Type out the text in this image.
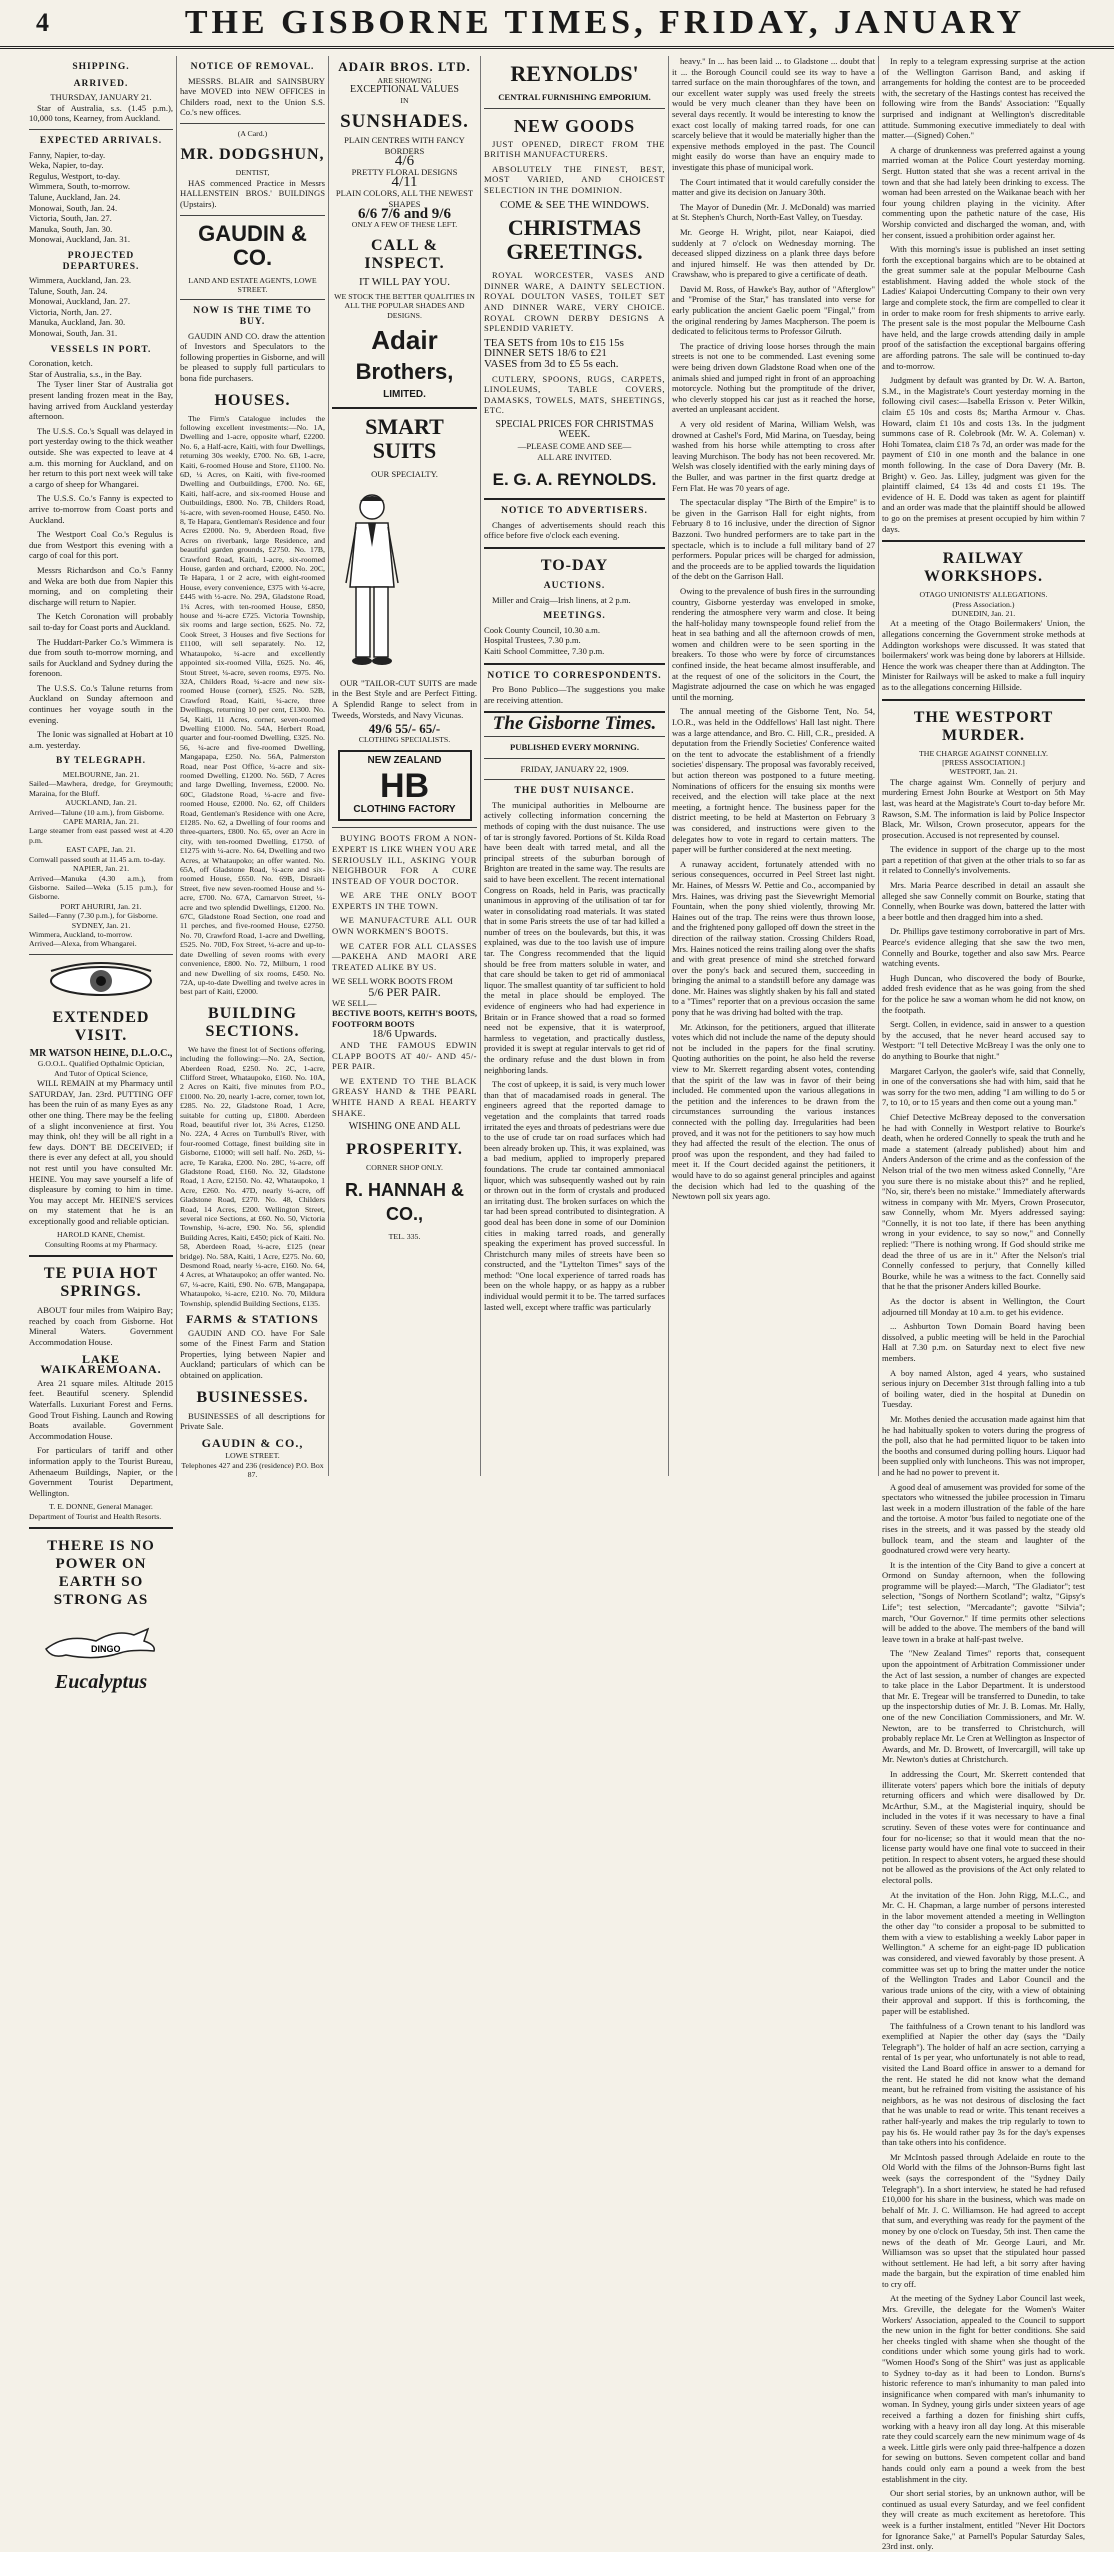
4	THE GISBORNE TIMES, FRIDAY, JANUARY
SHIPPING.
ARRIVED.
THURSDAY, JANUARY 21.

Star of Australia, s.s. (1.45 p.m.), 10,000 tons, Kearney, from Auckland.

EXPECTED ARRIVALS.
Fanny, Napier, to-day.
Weka, Napier, to-day.
Regulus, Westport, to-day.
Wimmera, South, to-morrow.
Talune, Auckland, Jan. 24.
Monowai, South, Jan. 24.
Victoria, South, Jan. 27.
Manuka, South, Jan. 30.
Monowai, Auckland, Jan. 31.
PROJECTED DEPARTURES.
Wimmera, Auckland, Jan. 23.
Talune, South, Jan. 24.
Monowai, Auckland, Jan. 27.
Victoria, North, Jan. 27.
Manuka, Auckland, Jan. 30.
Monowai, South, Jan. 31.
VESSELS IN PORT.
Coronation, ketch.
Star of Australia, s.s., in the Bay.

The Tyser liner Star of Australia got present landing frozen meat in the Bay, having arrived from Auckland yesterday afternoon.

The U.S.S. Co.'s Squall was delayed in port yesterday owing to the thick weather outside. She was expected to leave at 4 a.m. this morning for Auckland, and on her return to this port next week will take a cargo of sheep for Whangarei.

The U.S.S. Co.'s Fanny is expected to arrive to-morrow from Coast ports and Auckland.

The Westport Coal Co.'s Regulus is due from Westport this evening with a cargo of coal for this port.

Messrs Richardson and Co.'s Fanny and Weka are both due from Napier this morning, and on completing their discharge will return to Napier.

The Ketch Coronation will probably sail to-day for Coast ports and Auckland.

The Huddart-Parker Co.'s Wimmera is due from south to-morrow morning, and sails for Auckland and Sydney during the forenoon.

The U.S.S. Co.'s Talune returns from Auckland on Sunday afternoon and continues her voyage south in the evening.

The Ionic was signalled at Hobart at 10 a.m. yesterday.

BY TELEGRAPH.
MELBOURNE, Jan. 21.
Sailed—Mawhera, dredge, for Greymouth; Maraina, for the Bluff.
AUCKLAND, Jan. 21.
Arrived—Talune (10 a.m.), from Gisborne.
CAPE MARIA, Jan. 21.
Large steamer from east passed west at 4.20 p.m.
EAST CAPE, Jan. 21.
Cornwall passed south at 11.45 a.m. to-day.
NAPIER, Jan. 21.
Arrived—Manuka (4.30 a.m.), from Gisborne. Sailed—Weka (5.15 p.m.), for Gisborne.
PORT AHURIRI, Jan. 21.
Sailed—Fanny (7.30 p.m.), for Gisborne.
SYDNEY, Jan. 21.
Wimmera, Auckland, to-morrow.
Arrived—Alexa, from Whangarei.
EXTENDED VISIT.
MR WATSON HEINE, D.L.O.C.,
G.O.O.L. Qualified Opthalmic Optician,
And Tutor of Optical Science,

WILL REMAIN at my Pharmacy until SATURDAY, Jan. 23rd. PUTTING OFF has been the ruin of as many Eyes as any other one thing. There may be the feeling of a slight inconvenience at first. You may think, oh! they will be all right in a few days. DON'T BE DECEIVED; if there is ever any defect at all, you should not rest until you have consulted Mr. HEINE. You may save yourself a life of displeasure by coming to him in time. You may accept Mr. HEINE'S services on my statement that he is an exceptionally good and reliable optician.

HAROLD KANE, Chemist.
Consulting Rooms at my Pharmacy.
TE PUIA HOT SPRINGS.

ABOUT four miles from Waipiro Bay; reached by coach from Gisborne. Hot Mineral Waters. Government Accommodation House.

LAKE WAIKAREMOANA.

Area 21 square miles. Altitude 2015 feet. Beautiful scenery. Splendid Waterfalls. Luxuriant Forest and Ferns. Good Trout Fishing. Launch and Rowing Boats available. Government Accommodation House.

For particulars of tariff and other information apply to the Tourist Bureau, Athenaeum Buildings, Napier, or the Government Tourist Department, Wellington.

T. E. DONNE, General Manager.
Department of Tourist and Health Resorts.
THERE IS NO POWER ON EARTH SO STRONG AS
DINGO
Eucalyptus
NOTICE OF REMOVAL.

MESSRS. BLAIR and SAINSBURY have MOVED into NEW OFFICES in Childers road, next to the Union S.S. Co.'s new offices.

(A Card.)
MR. DODGSHUN,
DENTIST,

HAS commenced Practice in Messrs HALLENSTEIN BROS.' BUILDINGS (Upstairs).

GAUDIN & CO.
LAND AND ESTATE AGENTS, LOWE STREET.
NOW IS THE TIME TO BUY.

GAUDIN AND CO. draw the attention of Investors and Speculators to the following properties in Gisborne, and will be pleased to supply full particulars to bona fide purchasers.

HOUSES.

The Firm's Catalogue includes the following excellent investments:—No. 1A, Dwelling and 1-acre, opposite wharf, £2200. No. 6, a Half-acre, Kaiti, with four Dwellings, returning 30s weekly, £700. No. 6B, 1-acre, Kaiti, 6-roomed House and Store, £1100. No. 6D, ¼ Acres, on Kaiti, with five-roomed Dwelling and Outbuildings, £700. No. 6E, Kaiti, half-acre, and six-roomed House and Outbuildings, £800. No. 7B, Childers Road, ¼-acre, with seven-roomed House, £450. No. 8, Te Hapara, Gentleman's Residence and four Acres £2000. No. 9, Aberdeen Road, five Acres on riverbank, large Residence, and beautiful garden grounds, £2750. No. 17B, Crawford Road, Kaiti, 1-acre, six-roomed House, garden and orchard, £2000. No. 20C, Te Hapara, 1 or 2 acre, with eight-roomed House, every convenience, £375 with ¼-acre, £445 with ½-acre. No. 29A, Gladstone Road, 1¼ Acres, with ten-roomed House, £850, house and ¼-acre £725. Victoria Township, six rooms and large section, £625. No. 72, Cook Street, 3 Houses and five Sections for £1100, will sell separately. No. 12, Whataupoko, ¼-acre and excellently appointed six-roomed Villa, £625. No. 46, Stout Street, ¼-acre, seven rooms, £975. No. 32A, Childers Road, ¼-acre and new six-roomed House (corner), £525. No. 52B, Crawford Road, Kaiti, ¼-acre, three Dwellings, returning 10 per cent, £1300. No. 54, Kaiti, 11 Acres, corner, seven-roomed Dwelling £1000. No. 54A, Herbert Road, quarter and four-roomed Dwelling, £325. No. 56, ¼-acre and five-roomed Dwelling, Mangapapa, £250. No. 56A, Palmerston Road, near Post Office, ¼-acre and six-roomed Dwelling, £1200. No. 56D, 7 Acres and large Dwelling, Inverness, £2000. No. 60C, Gladstone Road, ¼-acre and five-roomed House, £2000. No. 62, off Childers Road, Gentleman's Residence with one Acre, £1285. No. 62, a Dwelling of four rooms and three-quarters, £800. No. 65, over an Acre in city, with ten-roomed Dwelling, £1750. of £1275 with ¼-acre. No. 64, Dwelling and two Acres, at Whataupoko; an offer wanted. No. 65A, off Gladstone Road, ¼-acre and six-roomed House, £650. No. 69B, Disraeli Street, five new seven-roomed House and ¼-acre, £700. No. 67A, Carnarvon Street, ¼-acre and two splendid Dwellings, £1200. No. 67C, Gladstone Road Section, one road and 11 perches, and five-roomed House, £2750. No. 70, Crawford Road, 1-acre and Dwelling, £525. No. 70D, Fox Street, ¼-acre and up-to-date Dwelling of seven rooms with every convenience, £800. No. 72, Milburn, 1 rood and new Dwelling of six rooms, £450. No. 72A, up-to-date Dwelling and twelve acres in best part of Kaiti, £2000.

BUILDING SECTIONS.

We have the finest lot of Sections offering, including the following:—No. 2A, Section, Aberdeen Road, £250. No. 2C, 1-acre, Clifford Street, Whataupoko, £160. No. 10A, 2 Acres on Kaiti, five minutes from P.O., £1000. No. 20, nearly 1-acre, corner, town lot, £285. No. 22, Gladstone Road, 1 Acre, suitable for cutting up, £1800. Aberdeen Road, beautiful river lot, 3¼ Acres, £1250. No. 22A, 4 Acres on Turnbull's River, with four-roomed Cottage, finest building site in Gisborne, £1000; will sell half. No. 26D, ¼-acre, Te Karaka, £200. No. 28C, ¼-acre, off Gladstone Road, £160. No. 32, Gladstone Road, 1 Acre, £2150. No. 42, Whataupoko, 1 Acre, £260. No. 47D, nearly ¼-acre, off Gladstone Road, £270. No. 48, Childers Road, 14 Acres, £200. Wellington Street, several nice Sections, at £60. No. 50, Victoria Township, ¼-acre, £90. No. 56, splendid Building Acres, Kaiti, £450; pick of Kaiti. No. 58, Aberdeen Road, ¼-acre, £125 (near bridge). No. 58A, Kaiti, 1 Acre, £275. No. 60, Desmond Road, nearly ¼-acre, £160. No. 64, 4 Acres, at Whataupoko; an offer wanted. No. 67, ¼-acre, Kaiti, £90. No. 67B, Mangapapa, Whataupoko, ¼-acre, £210. No. 70, Mildura Township, splendid Building Sections, £135.

FARMS & STATIONS

GAUDIN AND CO. have For Sale some of the Finest Farm and Station Properties, lying between Napier and Auckland; particulars of which can be obtained on application.

BUSINESSES.

BUSINESSES of all descriptions for Private Sale.

GAUDIN & CO.,
LOWE STREET.
Telephones 427 and 236 (residence) P.O. Box 87.
ADAIR BROS. LTD.
ARE SHOWING
EXCEPTIONAL VALUES
IN
SUNSHADES.
PLAIN CENTRES WITH FANCY BORDERS
4/6
PRETTY FLORAL DESIGNS
4/11
PLAIN COLORS, ALL THE NEWEST SHAPES
6/6 7/6 and 9/6
ONLY A FEW OF THESE LEFT.
CALL & INSPECT.
IT WILL PAY YOU.
WE STOCK THE BETTER QUALITIES IN ALL THE POPULAR SHADES AND DESIGNS.
Adair
Brothers,
LIMITED.
SMART SUITS
OUR SPECIALTY.

OUR "TAILOR-CUT SUITS are made in the Best Style and are Perfect Fitting. A Splendid Range to select from in Tweeds, Worsteds, and Navy Vicunas.

49/6 55/- 65/-
CLOTHING SPECIALISTS.
NEW ZEALAND
HB
CLOTHING FACTORY

BUYING BOOTS FROM A NON-EXPERT IS LIKE WHEN YOU ARE SERIOUSLY ILL, ASKING YOUR NEIGHBOUR FOR A CURE INSTEAD OF YOUR DOCTOR.

WE ARE THE ONLY BOOT EXPERTS IN THE TOWN.

WE MANUFACTURE ALL OUR OWN WORKMEN'S BOOTS.

WE CATER FOR ALL CLASSES—PAKEHA AND MAORI ARE TREATED ALIKE BY US.

WE SELL WORK BOOTS FROM
5/6 PER PAIR.
WE SELL—
BECTIVE BOOTS, KEITH'S BOOTS, FOOTFORM BOOTS
18/6 Upwards.

AND THE FAMOUS EDWIN CLAPP BOOTS AT 40/- AND 45/- PER PAIR.

WE EXTEND TO THE BLACK GREASY HAND & THE PEARL WHITE HAND A REAL HEARTY SHAKE.

WISHING ONE AND ALL
PROSPERITY.
CORNER SHOP ONLY.
R. HANNAH & CO.,
TEL. 335.
REYNOLDS'
CENTRAL FURNISHING EMPORIUM.
NEW GOODS

JUST OPENED, DIRECT FROM THE BRITISH MANUFACTURERS.

ABSOLUTELY THE FINEST, BEST, MOST VARIED, AND CHOICEST SELECTION IN THE DOMINION.

COME & SEE THE WINDOWS.
CHRISTMAS GREETINGS.

ROYAL WORCESTER, VASES AND DINNER WARE, A DAINTY SELECTION. ROYAL DOULTON VASES, TOILET SET AND DINNER WARE, VERY CHOICE. ROYAL CROWN DERBY DESIGNS A SPLENDID VARIETY.

TEA SETS from 10s to £15 15s
DINNER SETS 18/6 to £21
VASES from 3d to £5 5s each.

CUTLERY, SPOONS, RUGS, CARPETS, LINOLEUMS, TABLE COVERS, DAMASKS, TOWELS, MATS, SHEETINGS, ETC.

SPECIAL PRICES FOR CHRISTMAS WEEK.
—PLEASE COME AND SEE—
ALL ARE INVITED.
E. G. A. REYNOLDS.
NOTICE TO ADVERTISERS.

Changes of advertisements should reach this office before five o'clock each evening.

TO-DAY
AUCTIONS.

Miller and Craig—Irish linens, at 2 p.m.

MEETINGS.
Cook County Council, 10.30 a.m.
Hospital Trustees, 7.30 p.m.
Kaiti School Committee, 7.30 p.m.
NOTICE TO CORRESPONDENTS.

Pro Bono Publico—The suggestions you make are receiving attention.

The Gisborne Times.
PUBLISHED EVERY MORNING.
FRIDAY, JANUARY 22, 1909.
THE DUST NUISANCE.

The municipal authorities in Melbourne are actively collecting information concerning the methods of coping with the dust nuisance. The use of tar is strongly favored. Portions of St. Kilda Road have been dealt with tarred metal, and all the principal streets of the suburban borough of Brighton are treated in the same way. The results are said to have been excellent. The recent international Congress on Roads, held in Paris, was practically unanimous in approving of the utilisation of tar for water in consolidating road materials. It was stated that in some Paris streets the use of tar had killed a number of trees on the boulevards, but this, it was explained, was due to the too lavish use of impure tar. The Congress recommended that the liquid should be free from matters soluble in water, and that care should be taken to get rid of ammoniacal liquor. The smallest quantity of tar sufficient to hold the metal in place should be employed. The evidence of engineers who had had experience in Britain or in France showed that a road so formed need not be expensive, that it is waterproof, harmless to vegetation, and practically dustless, provided it is swept at regular intervals to get rid of the ordinary refuse and the dust blown in from neighboring lands.

The cost of upkeep, it is said, is very much lower than that of macadamised roads in general. The engineers agreed that the reported damage to vegetation and the complaints that tarred roads irritated the eyes and throats of pedestrians were due to the use of crude tar on road surfaces which had been already broken up. This, it was explained, was a bad medium, applied to improperly prepared foundations. The crude tar contained ammoniacal liquor, which was subsequently washed out by rain or thrown out in the form of crystals and produced an irritating dust. The broken surfaces on which the tar had been spread contributed to disintegration. A good deal has been done in some of our Dominion cities in making tarred roads, and generally speaking the experiment has proved successful. In Christchurch many miles of streets have been so constructed, and the "Lyttelton Times" says of the method: "One local experience of tarred roads has been on the whole happy, or as happy as a rubber individual would permit it to be. The tarred surfaces lasted well, except where traffic was particularly

heavy." In ... has been laid ... to Gladstone ... doubt that it ... the Borough Council could see its way to have a tarred surface on the main thoroughfares of the town, and our excellent water supply was used freely the streets would be very much cleaner than they have been on several days recently. It would be interesting to know the exact cost locally of making tarred roads, for one can scarcely believe that it would be materially higher than the expensive methods employed in the past. The Council might easily do worse than have an enquiry made to investigate this phase of municipal work.

The Court intimated that it would carefully consider the matter and give its decision on January 30th.

The Mayor of Dunedin (Mr. J. McDonald) was married at St. Stephen's Church, North-East Valley, on Tuesday.

Mr. George H. Wright, pilot, near Kaiapoi, died suddenly at 7 o'clock on Wednesday morning. The deceased slipped dizziness on a plank three days before and injured himself. He was then attended by Dr. Crawshaw, who is prepared to give a certificate of death.

David M. Ross, of Hawke's Bay, author of "Afterglow" and "Promise of the Star," has translated into verse for early publication the ancient Gaelic poem "Fingal," from the original rendering by James Macpherson. The poem is dedicated to felicitous terms to Professor Gilruth.

The practice of driving loose horses through the main streets is not one to be commended. Last evening some were being driven down Gladstone Road when one of the animals shied and jumped right in front of an approaching motorcycle. Nothing but the promptitude of the driver, who cleverly stopped his car just as it reached the horse, averted an unpleasant accident.

A very old resident of Marina, William Welsh, was drowned at Cashel's Ford, Mid Marina, on Tuesday, being washed from his horse while attempting to cross after leaving Murchison. The body has not been recovered. Mr. Welsh was closely identified with the early mining days of the Buller, and was partner in the first quartz dredge at Fern Flat. He was 70 years of age.

The spectacular display "The Birth of the Empire" is to be given in the Garrison Hall for eight nights, from February 8 to 16 inclusive, under the direction of Signor Bazzoni. Two hundred performers are to take part in the spectacle, which is to include a full military band of 27 performers. Popular prices will be charged for admission, and the proceeds are to be applied towards the liquidation of the debt on the Garrison Hall.

Owing to the prevalence of bush fires in the surrounding country, Gisborne yesterday was enveloped in smoke, rendering the atmosphere very warm and close. It being the half-holiday many townspeople found relief from the heat in sea bathing and all the afternoon crowds of men, women and children were to be seen sporting in the breakers. To those who were by force of circumstances confined inside, the heat became almost insufferable, and at the request of one of the solicitors in the Court, the Magistrate adjourned the case on which he was engaged until the morning.

The annual meeting of the Gisborne Tent, No. 54, I.O.R., was held in the Oddfellows' Hall last night. There was a large attendance, and Bro. C. Hill, C.R., presided. A deputation from the Friendly Societies' Conference waited on the tent to advocate the establishment of a friendly societies' dispensary. The proposal was favorably received, but action thereon was postponed to a future meeting. Nominations of officers for the ensuing six months were received, and the election will take place at the next meeting, a fortnight hence. The business paper for the district meeting, to be held at Masterton on February 3 was considered, and instructions were given to the delegates how to vote in regard to certain matters. The paper will be further considered at the next meeting.

A runaway accident, fortunately attended with no serious consequences, occurred in Peel Street last night. Mr. Haines, of Messrs W. Pettie and Co., accompanied by Mrs. Haines, was driving past the Sievewright Memorial Fountain, when the pony shied violently, throwing Mr. Haines out of the trap. The reins were thus thrown loose, and the frightened pony galloped off down the street in the direction of the railway station. Crossing Childers Road, Mrs. Haines noticed the reins trailing along over the shafts and with great presence of mind she stretched forward over the pony's back and secured them, succeeding in bringing the animal to a standstill before any damage was done. Mr. Haines was slightly shaken by his fall and stated to a "Times" reporter that on a previous occasion the same pony that he was driving had bolted with the trap.

Mr. Atkinson, for the petitioners, argued that illiterate votes which did not include the name of the deputy should not be included in the papers for the final scrutiny. Quoting authorities on the point, he also held the reverse view to Mr. Skerrett regarding absent votes, contending that the spirit of the law was in favor of their being included. He commented upon the various allegations in the petition and the inferences to be drawn from the circumstances surrounding the various instances connected with the polling day. Irregularities had been proved, and it was not for the petitioners to say how much they had affected the result of the election. The onus of proof was upon the respondent, and they had failed to meet it. If the Court decided against the petitioners, it would have to do so against general principles and against the decision which had led to the quashing of the Newtown poll six years ago.

In reply to a telegram expressing surprise at the action of the Wellington Garrison Band, and asking if arrangements for holding the contest are to be proceeded with, the secretary of the Hastings contest has received the following wire from the Bands' Association: "Equally surprised and indignant at Wellington's discreditable attitude. Summoning executive immediately to deal with matter.—(Signed) Cohen."

A charge of drunkenness was preferred against a young married woman at the Police Court yesterday morning. Sergt. Hutton stated that she was a recent arrival in the town and that she had lately been drinking to excess. The woman had been arrested on the Waikanae beach with her four young children playing in the vicinity. After commenting upon the pathetic nature of the case, His Worship convicted and discharged the woman, and, with her consent, issued a prohibition order against her.

With this morning's issue is published an inset setting forth the exceptional bargains which are to be obtained at the great summer sale at the popular Melbourne Cash establishment. Having added the whole stock of the Ladies' Kaiapoi Undercutting Company to their own very large and complete stock, the firm are compelled to clear it in order to make room for fresh shipments to arrive early. The present sale is the most popular the Melbourne Cash have held, and the large crowds attending daily in ample proof of the satisfaction the exceptional bargains offering are affording patrons. The sale will be continued to-day and to-morrow.

Judgment by default was granted by Dr. W. A. Barton, S.M., in the Magistrate's Court yesterday morning in the following civil cases:—Isabella Erisson v. Peter Wilkin, claim £5 10s and costs 8s; Martha Armour v. Chas. Howard, claim £1 10s and costs 13s. In the judgment summons case of R. Colebrook (Mr. W. A. Coleman) v. Hohi Tomatea, claim £18 7s 7d, an order was made for the payment of £10 in one month and the balance in one month following. In the case of Dora Davery (Mr. B. Bright) v. Geo. Jas. Lilley, judgment was given for the plaintiff claimed, £4 13s 4d and costs £1 19s. The evidence of H. E. Dodd was taken as agent for plaintiff and an order was made that the plaintiff should be allowed to go on the premises at present occupied by him within 7 days.

RAILWAY WORKSHOPS.
OTAGO UNIONISTS' ALLEGATIONS.
(Press Association.)
DUNEDIN, Jan. 21.

At a meeting of the Otago Boilermakers' Union, the allegations concerning the Government stroke methods at Addington workshops were discussed. It was stated that boilermakers' work was being done by laborers at Hillside. Hence the work was cheaper there than at Addington. The Minister for Railways will be asked to make a full inquiry as to the allegations concerning Hillside.

THE WESTPORT MURDER.
THE CHARGE AGAINST CONNELLY.
[PRESS ASSOCIATION.]
WESTPORT, Jan. 21.

The charge against Wm. Connelly of perjury and murdering Ernest John Bourke at Westport on 5th May last, was heard at the Magistrate's Court to-day before Mr. Rawson, S.M. The information is laid by Police Inspector Black, Mr. Wilson, Crown prosecutor, appears for the prosecution. Accused is not represented by counsel.

The evidence in support of the charge up to the most part a repetition of that given at the other trials to so far as it related to Connelly's involvements.

Mrs. Maria Pearce described in detail an assault she alleged she saw Connelly commit on Bourke, stating that Connelly, when Bourke was down, battered the latter with a beer bottle and then dragged him into a shed.

Dr. Phillips gave testimony corroborative in part of Mrs. Pearce's evidence alleging that she saw the two men, Connelly and Bourke, together and also saw Mrs. Pearce watching events.

Hugh Duncan, who discovered the body of Bourke, added fresh evidence that as he was going from the shed for the police he saw a woman whom he did not know, on the footpath.

Sergt. Collen, in evidence, said in answer to a question by the accused, that he never heard accused say to Westport: "I tell Detective McBreay I was the only one to do anything to Bourke that night."

Margaret Carlyon, the gaoler's wife, said that Connelly, in one of the conversations she had with him, said that he was sorry for the two men, adding "I am willing to do 5 or 7, to 10, or to 15 years and then come out a young man."

Chief Detective McBreay deposed to the conversation he had with Connelly in Westport relative to Bourke's death, when he ordered Connelly to speak the truth and he made a statement (already published) about him and Anders Anderson of the crime and as the confession of the Nelson trial of the two men witness asked Connelly, "Are you sure there is no mistake about this?" and he replied, "No, sir, there's been no mistake." Immediately afterwards witness in company with Mr. Myers, Crown Prosecutor, saw Connelly, whom Mr. Myers addressed saying: "Connelly, it is not too late, if there has been anything wrong in your evidence, to say so now," and Connelly replied: "There is nothing wrong. If God should strike me dead the three of us are in it." After the Nelson's trial Connelly confessed to perjury, that Connelly killed Bourke, while he was a witness to the fact. Connelly said that he that the prisoner Anders killed Bourke.

As the doctor is absent in Wellington, the Court adjourned till Monday at 10 a.m. to get his evidence.

... Ashburton Town Domain Board having been dissolved, a public meeting will be held in the Parochial Hall at 7.30 p.m. on Saturday next to elect five new members.

A boy named Alston, aged 4 years, who sustained serious injury on December 31st through falling into a tub of boiling water, died in the hospital at Dunedin on Tuesday.

Mr. Mothes denied the accusation made against him that he had habitually spoken to voters during the progress of the poll, also that he had permitted liquor to be taken into the booths and consumed during polling hours. Liquor had been supplied only with luncheons. This was not improper, and he had no power to prevent it.

A good deal of amusement was provided for some of the spectators who witnessed the jubilee procession in Timaru last week in a modern illustration of the fable of the hare and the tortoise. A motor 'bus failed to negotiate one of the rises in the streets, and it was passed by the steady old bullock team, and the steam and laughter of the goodnatured crowd were very hearty.

It is the intention of the City Band to give a concert at Ormond on Sunday afternoon, when the following programme will be played:—March, "The Gladiator"; test selection, "Songs of Northern Scotland"; waltz, "Gipsy's Life"; test selection, "Mercadante"; gavotte "Silvia"; march, "Our Governor." If time permits other selections will be added to the above. The members of the band will leave town in a brake at half-past twelve.

The "New Zealand Times" reports that, consequent upon the appointment of Arbitration Commissioner under the Act of last session, a number of changes are expected to take place in the Labor Department. It is understood that Mr. E. Tregear will be transferred to Dunedin, to take up the inspectorship duties of Mr. J. B. Lomas. Mr. Hally, one of the new Conciliation Commissioners, and Mr. W. Newton, are to be transferred to Christchurch, will probably replace Mr. Le Cren at Wellington as Inspector of Awards, and Mr. D. Browett, of Invercargill, will take up Mr. Newton's duties at Christchurch.

In addressing the Court, Mr. Skerrett contended that illiterate voters' papers which bore the initials of deputy returning officers and which were disallowed by Dr. McArthur, S.M., at the Magisterial inquiry, should be included in the votes if it was necessary to have a final scrutiny. Seven of these votes were for continuance and four for no-license; so that it would mean that the no-license party would have one final vote to succeed in their petition. In respect to absent voters, he argued these should not be allowed as the provisions of the Act only related to electoral polls.

At the invitation of the Hon. John Rigg, M.L.C., and Mr. C. H. Chapman, a large number of persons interested in the labor movement attended a meeting in Wellington the other day "to consider a proposal to be submitted to them with a view to establishing a weekly Labor paper in Wellington." A scheme for an eight-page ID publication was considered, and viewed favorably by those present. A committee was set up to bring the matter under the notice of the Wellington Trades and Labor Council and the various trade unions of the city, with a view of obtaining their approval and support. If this is forthcoming, the paper will be established.

The faithfulness of a Crown tenant to his landlord was exemplified at Napier the other day (says the "Daily Telegraph"). The holder of half an acre section, carrying a rental of 1s per year, who unfortunately is not able to read, visited the Land Board office in answer to a demand for the rent. He stated he did not know what the demand meant, but he refrained from visiting the assistance of his neighbors, as he was not desirous of disclosing the fact that he was unable to read or write. This tenant receives a rather half-yearly and makes the trip regularly to town to pay his 6s. He would rather pay 3s for the day's expenses than take others into his confidence.

Mr McIntosh passed through Adelaide en route to the Old World with the films of the Johnson-Burns fight last week (says the correspondent of the "Sydney Daily Telegraph"). In a short interview, he stated he had refused £10,000 for his share in the business, which was made on behalf of Mr. J. C. Williamson. He had agreed to accept that sum, and everything was ready for the payment of the money by one o'clock on Tuesday, 5th inst. Then came the news of the death of Mr. George Lauri, and Mr. Williamson was so upset that the stipulated hour passed without settlement. He had left, a bit sorry after having made the bargain, but the expiration of time enabled him to cry off.

At the meeting of the Sydney Labor Council last week, Mrs. Greville, the delegate for the Women's Waiter Workers' Association, appealed to the Council to support the new union in the fight for better conditions. She said her cheeks tingled with shame when she thought of the conditions under which some young girls had to work. "Women Hood's Song of the Shirt" was just as applicable to Sydney to-day as it had been to London. Burns's historic reference to man's inhumanity to man paled into insignificance when compared with man's inhumanity to woman. In Sydney, young girls under sixteen years of age received a farthing a dozen for finishing shirt cuffs, working with a heavy iron all day long. At this miserable rate they could scarcely earn the new minimum wage of 4s a week. Little girls were only paid three-halfpence a dozen for sewing on buttons. Seven competent collar and band hands could only earn a pound a week from the best establishment in the city.

Our short serial stories, by an unknown author, will be continued as usual every Saturday, and we feel confident they will create as much excitement as heretofore. This week is a further instalment, entitled "Never Hit Doctors for Ignorance Sake," at Parnell's Popular Saturday Sales, 23rd inst. only.
